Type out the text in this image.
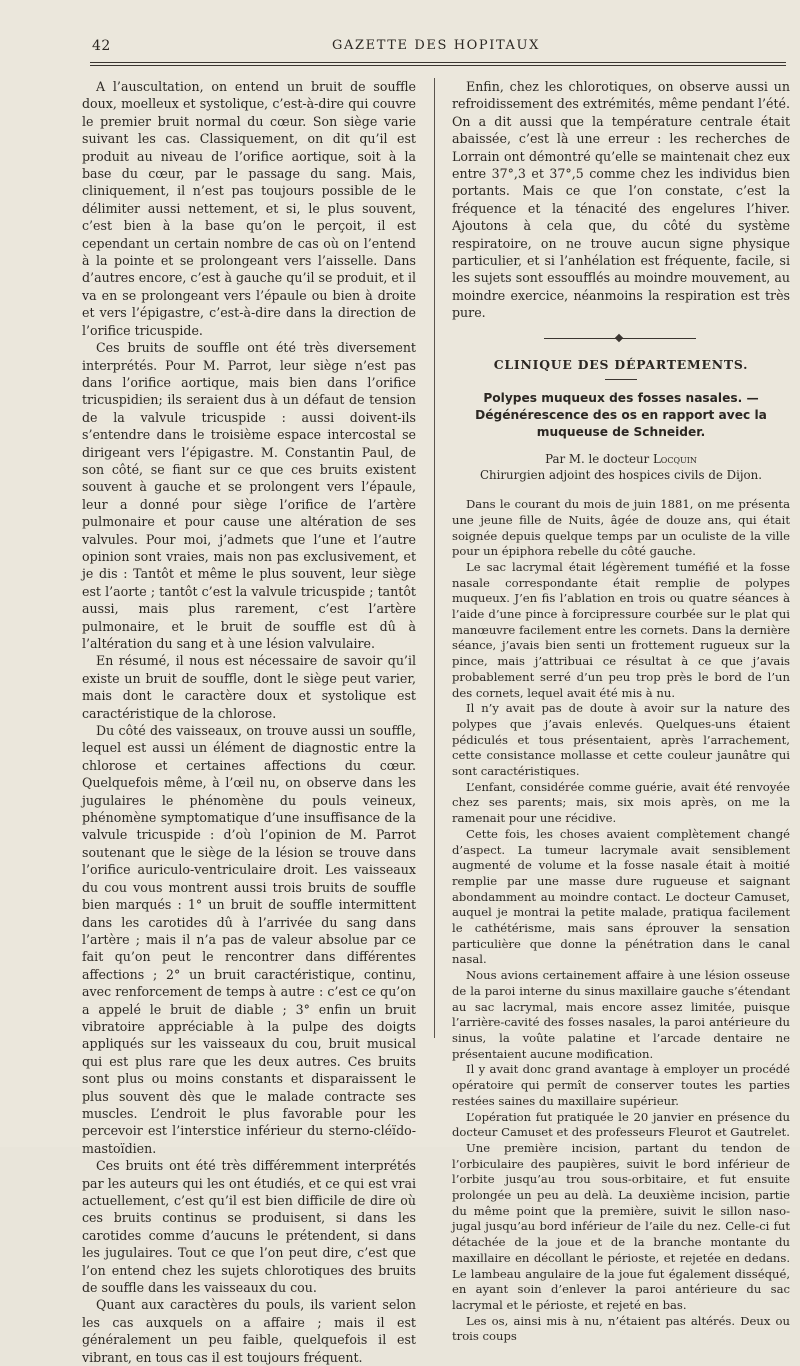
42	GAZETTE DES HOPITAUX

A l’auscultation, on entend un bruit de souffle doux, moelleux et systolique, c’est-à-dire qui couvre le premier bruit normal du cœur. Son siège varie suivant les cas. Classiquement, on dit qu’il est produit au niveau de l’orifice aortique, soit à la base du cœur, par le passage du sang. Mais, cliniquement, il n’est pas toujours possible de le délimiter aussi nettement, et si, le plus souvent, c’est bien à la base qu’on le perçoit, il est cependant un certain nombre de cas où on l’entend à la pointe et se prolongeant vers l’aisselle. Dans d’autres encore, c’est à gauche qu’il se produit, et il va en se prolongeant vers l’épaule ou bien à droite et vers l’épigastre, c’est-à-dire dans la direction de l’orifice tricuspide.

Ces bruits de souffle ont été très diversement interprétés. Pour M. Parrot, leur siège n’est pas dans l’orifice aortique, mais bien dans l’orifice tricuspidien; ils seraient dus à un défaut de tension de la valvule tricuspide : aussi doivent-ils s’entendre dans le troisième espace intercostal se dirigeant vers l’épigastre. M. Constantin Paul, de son côté, se fiant sur ce que ces bruits existent souvent à gauche et se prolongent vers l’épaule, leur a donné pour siège l’orifice de l’artère pulmonaire et pour cause une altération de ses valvules. Pour moi, j’admets que l’une et l’autre opinion sont vraies, mais non pas exclusivement, et je dis : Tantôt et même le plus souvent, leur siège est l’aorte ; tantôt c’est la valvule tricuspide ; tantôt aussi, mais plus rarement, c’est l’artère pulmonaire, et le bruit de souffle est dû à l’altération du sang et à une lésion valvulaire.

En résumé, il nous est nécessaire de savoir qu’il existe un bruit de souffle, dont le siège peut varier, mais dont le caractère doux et systolique est caractéristique de la chlorose.

Du côté des vaisseaux, on trouve aussi un souffle, lequel est aussi un élément de diagnostic entre la chlorose et certaines affections du cœur. Quelquefois même, à l’œil nu, on observe dans les jugulaires le phénomène du pouls veineux, phénomène symptomatique d’une insuffisance de la valvule tricuspide : d’où l’opinion de M. Parrot soutenant que le siège de la lésion se trouve dans l’orifice auriculo-ventriculaire droit. Les vaisseaux du cou vous montrent aussi trois bruits de souffle bien marqués : 1° un bruit de souffle intermittent dans les carotides dû à l’arrivée du sang dans l’artère ; mais il n’a pas de valeur absolue par ce fait qu’on peut le rencontrer dans différentes affections ; 2° un bruit caractéristique, continu, avec renforcement de temps à autre : c’est ce qu’on a appelé le bruit de diable ; 3° enfin un bruit vibratoire appréciable à la pulpe des doigts appliqués sur les vaisseaux du cou, bruit musical qui est plus rare que les deux autres. Ces bruits sont plus ou moins constants et disparaissent le plus souvent dès que le malade contracte ses muscles. L’endroit le plus favorable pour les percevoir est l’interstice inférieur du sterno-cléïdo-mastoïdien.

Ces bruits ont été très différemment interprétés par les auteurs qui les ont étudiés, et ce qui est vrai actuellement, c’est qu’il est bien difficile de dire où ces bruits continus se produisent, si dans les carotides comme d’aucuns le prétendent, si dans les jugulaires. Tout ce que l’on peut dire, c’est que l’on entend chez les sujets chlorotiques des bruits de souffle dans les vaisseaux du cou.

Quant aux caractères du pouls, ils varient selon les cas auxquels on a affaire ; mais il est généralement un peu faible, quelquefois il est vibrant, en tous cas il est toujours fréquent.

Enfin, chez les chlorotiques, on observe aussi un refroidissement des extrémités, même pendant l’été. On a dit aussi que la température centrale était abaissée, c’est là une erreur : les recherches de Lorrain ont démontré qu’elle se maintenait chez eux entre 37°,3 et 37°,5 comme chez les individus bien portants. Mais ce que l’on constate, c’est la fréquence et la ténacité des engelures l’hiver. Ajoutons à cela que, du côté du système respiratoire, on ne trouve aucun signe physique particulier, et si l’anhélation est fréquente, facile, si les sujets sont essoufflés au moindre mouvement, au moindre exercice, néanmoins la respiration est très pure.

CLINIQUE DES DÉPARTEMENTS.
Polypes muqueux des fosses nasales. — Dégénérescence des os en rapport avec la muqueuse de Schneider.
Par M. le docteur Locquin
Chirurgien adjoint des hospices civils de Dijon.

Dans le courant du mois de juin 1881, on me présenta une jeune fille de Nuits, âgée de douze ans, qui était soignée depuis quelque temps par un oculiste de la ville pour un épiphora rebelle du côté gauche.

Le sac lacrymal était légèrement tuméfié et la fosse nasale correspondante était remplie de polypes muqueux. J’en fis l’ablation en trois ou quatre séances à l’aide d’une pince à forcipressure courbée sur le plat qui manœuvre facilement entre les cornets. Dans la dernière séance, j’avais bien senti un frottement rugueux sur la pince, mais j’attribuai ce résultat à ce que j’avais probablement serré d’un peu trop près le bord de l’un des cornets, lequel avait été mis à nu.

Il n’y avait pas de doute à avoir sur la nature des polypes que j’avais enlevés. Quelques-uns étaient pédiculés et tous présentaient, après l’arrachement, cette consistance mollasse et cette couleur jaunâtre qui sont caractéristiques.

L’enfant, considérée comme guérie, avait été renvoyée chez ses parents; mais, six mois après, on me la ramenait pour une récidive.

Cette fois, les choses avaient complètement changé d’aspect. La tumeur lacrymale avait sensiblement augmenté de volume et la fosse nasale était à moitié remplie par une masse dure rugueuse et saignant abondamment au moindre contact. Le docteur Camuset, auquel je montrai la petite malade, pratiqua facilement le cathétérisme, mais sans éprouver la sensation particulière que donne la pénétration dans le canal nasal.

Nous avions certainement affaire à une lésion osseuse de la paroi interne du sinus maxillaire gauche s’étendant au sac lacrymal, mais encore assez limitée, puisque l’arrière-cavité des fosses nasales, la paroi antérieure du sinus, la voûte palatine et l’arcade dentaire ne présentaient aucune modification.

Il y avait donc grand avantage à employer un procédé opératoire qui permît de conserver toutes les parties restées saines du maxillaire supérieur.

L’opération fut pratiquée le 20 janvier en présence du docteur Camuset et des professeurs Fleurot et Gautrelet.

Une première incision, partant du tendon de l’orbiculaire des paupières, suivit le bord inférieur de l’orbite jusqu’au trou sous-orbitaire, et fut ensuite prolongée un peu au delà. La deuxième incision, partie du même point que la première, suivit le sillon naso-jugal jusqu’au bord inférieur de l’aile du nez. Celle-ci fut détachée de la joue et de la branche montante du maxillaire en décollant le périoste, et rejetée en dedans. Le lambeau angulaire de la joue fut également disséqué, en ayant soin d’enlever la paroi antérieure du sac lacrymal et le périoste, et rejeté en bas.

Les os, ainsi mis à nu, n’étaient pas altérés. Deux ou trois coups
